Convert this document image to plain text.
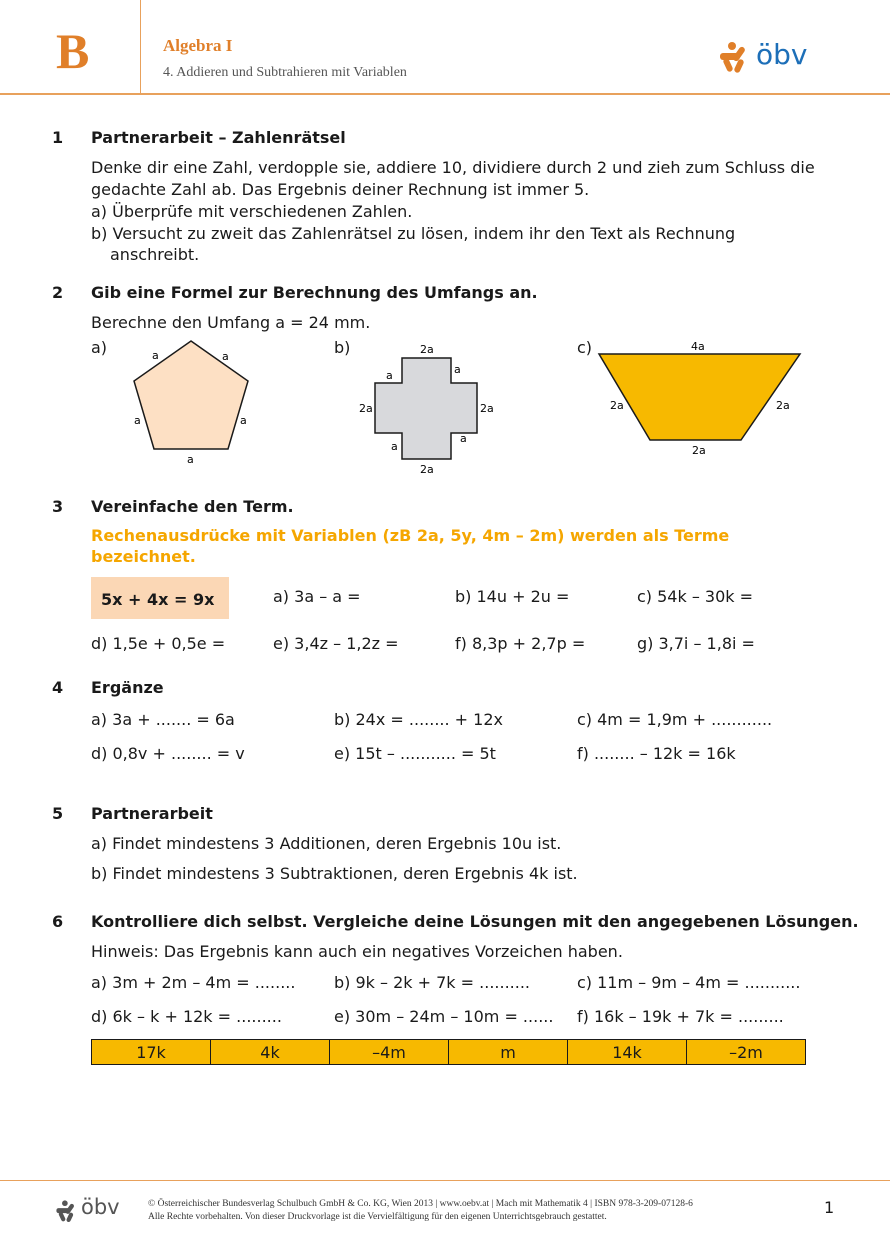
B	Algebra I
4. Addieren und Subtrahieren mit Variablen
öbv
1 Partnerarbeit – Zahlenrätsel
Denke dir eine Zahl, verdopple sie, addiere 10, dividiere durch 2 und zieh zum Schluss die
gedachte Zahl ab. Das Ergebnis deiner Rechnung ist immer 5.
a) Überprüfe mit verschiedenen Zahlen.
b) Versucht zu zweit das Zahlenrätsel zu lösen, indem ihr den Text als Rechnung
anschreibt.
2 Gib eine Formel zur Berechnung des Umfangs an.
Berechne den Umfang a = 24 mm.
a)	b)	c)
a	a
a	a
a
2a
a	a
2a	2a
a
a
2a
4a
2a	2a
2a
3 Vereinfache den Term.
Rechenausdrücke mit Variablen (zB 2a, 5y, 4m – 2m) werden als Terme
bezeichnet.
5x + 4x = 9x	a) 3a – a =	b) 14u + 2u =	c) 54k – 30k =
d) 1,5e + 0,5e =	e) 3,4z – 1,2z =	f) 8,3p + 2,7p =	g) 3,7i – 1,8i =
4 Ergänze
a) 3a + ....... = 6a	b) 24x = ........ + 12x	c) 4m = 1,9m + ............
d) 0,8v + ........ = v	e) 15t – ........... = 5t	f) ........ – 12k = 16k
5 Partnerarbeit
a) Findet mindestens 3 Additionen, deren Ergebnis 10u ist.
b) Findet mindestens 3 Subtraktionen, deren Ergebnis 4k ist.
6 Kontrolliere dich selbst. Vergleiche deine Lösungen mit den angegebenen Lösungen.
Hinweis: Das Ergebnis kann auch ein negatives Vorzeichen haben.
a) 3m + 2m – 4m = ........ b) 9k – 2k + 7k = ..........	c) 11m – 9m – 4m = ...........
d) 6k – k + 12k = .........	e) 30m – 24m – 10m = ...... f) 16k – 19k + 7k = .........
17k	4k	–4m	m	14k	–2m
öbv	© Österreichischer Bundesverlag Schulbuch GmbH & Co. KG, Wien 2013 | www.oebv.at | Mach mit Mathematik 4 | ISBN 978-3-209-07128-6
Alle Rechte vorbehalten. Von dieser Druckvorlage ist die Vervielfältigung für den eigenen Unterrichtsgebrauch gestattet.	1
